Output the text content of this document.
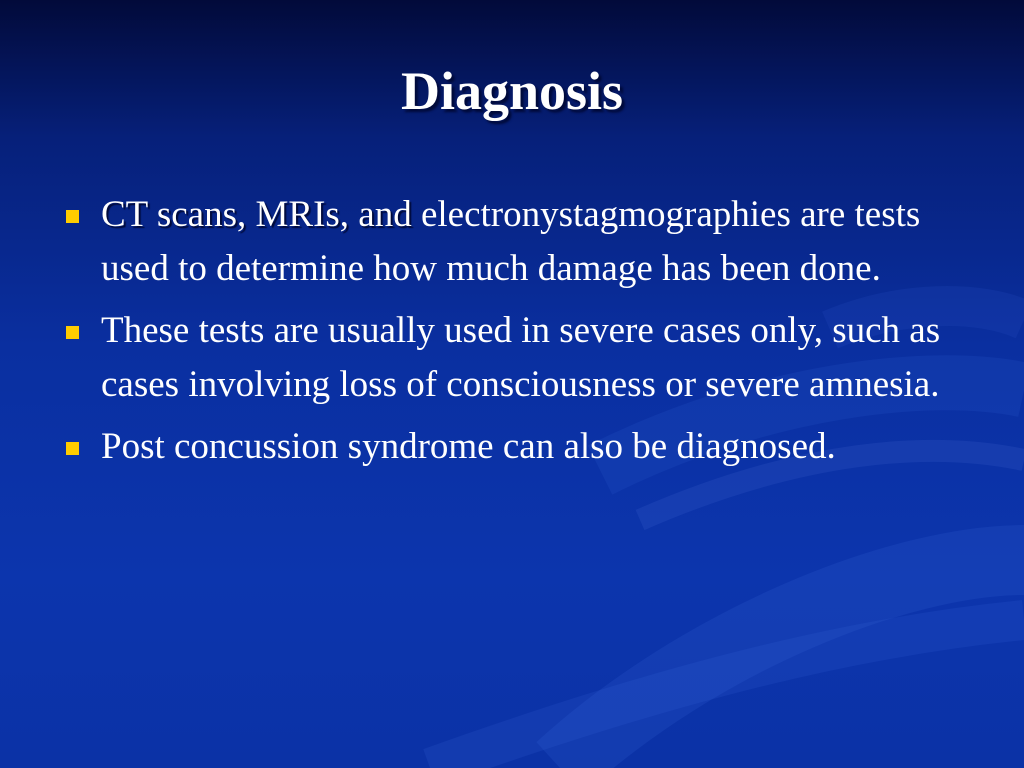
Diagnosis
CT scans, MRIs, and electronystagmographies are tests used to determine how much damage has been done.
These tests are usually used in severe cases only, such as cases involving loss of consciousness or severe amnesia.
Post concussion syndrome can also be diagnosed.
